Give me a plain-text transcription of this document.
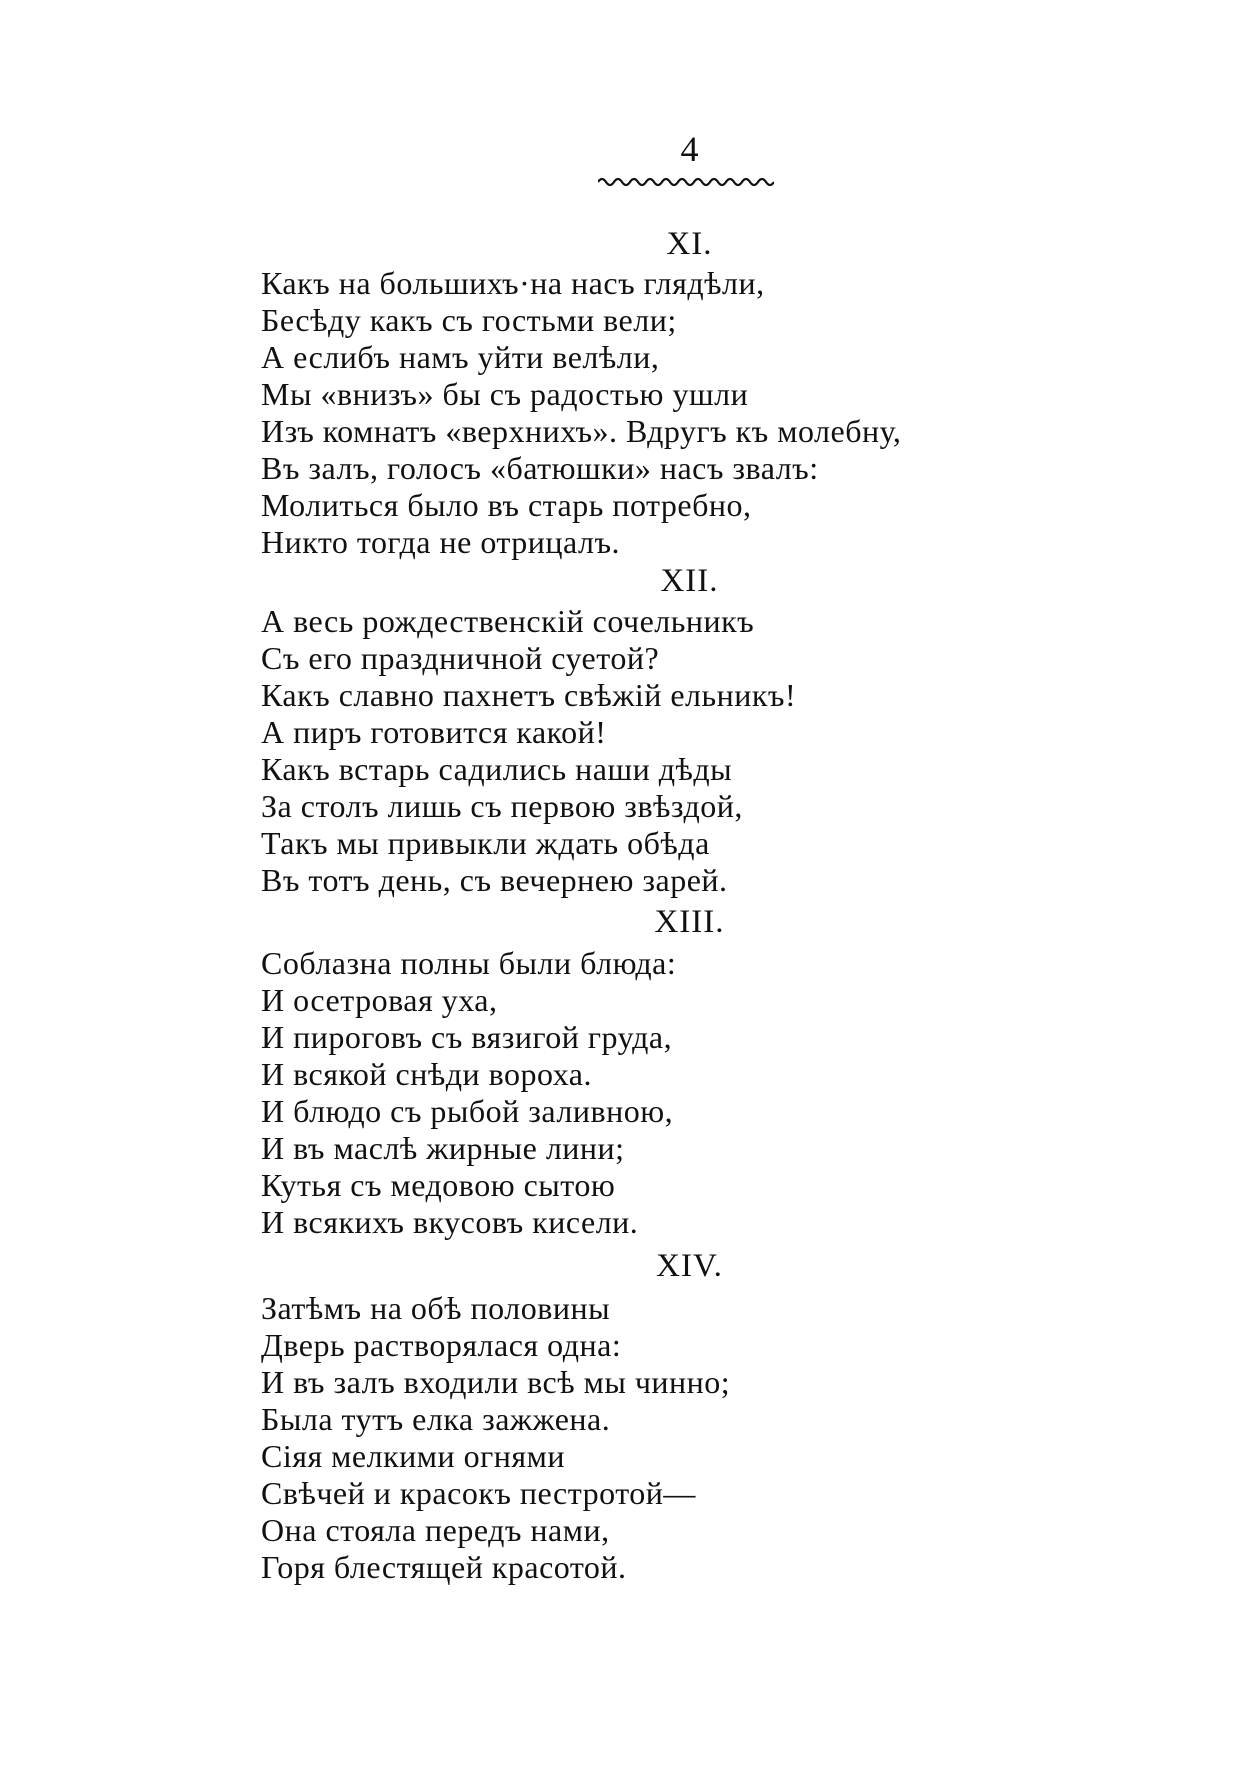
4
XI.
Какъ на большихъ·на насъ глядѣли,
Бесѣду какъ съ гостьми вели;
А еслибъ намъ уйти велѣли,
Мы «внизъ» бы съ радостью ушли
Изъ комнатъ «верхнихъ». Вдругъ къ молебну,
Въ залъ, голосъ «батюшки» насъ звалъ:
Молиться было въ старь потребно,
Никто тогда не отрицалъ.
XII.
А весь рождественскій сочельникъ
Съ его праздничной суетой?
Какъ славно пахнетъ свѣжій ельникъ!
А пиръ готовится какой!
Какъ встарь садились наши дѣды
За столъ лишь съ первою звѣздой,
Такъ мы привыкли ждать обѣда
Въ тотъ день, съ вечернею зарей.
XIII.
Соблазна полны были блюда:
И осетровая уха,
И пироговъ съ вязигой груда,
И всякой снѣди вороха.
И блюдо съ рыбой заливною,
И въ маслѣ жирные лини;
Кутья съ медовою сытою
И всякихъ вкусовъ кисели.
XIV.
Затѣмъ на обѣ половины
Дверь растворялася одна:
И въ залъ входили всѣ мы чинно;
Была тутъ елка зажжена.
Сіяя мелкими огнями
Свѣчей и красокъ пестротой—
Она стояла передъ нами,
Горя блестящей красотой.
